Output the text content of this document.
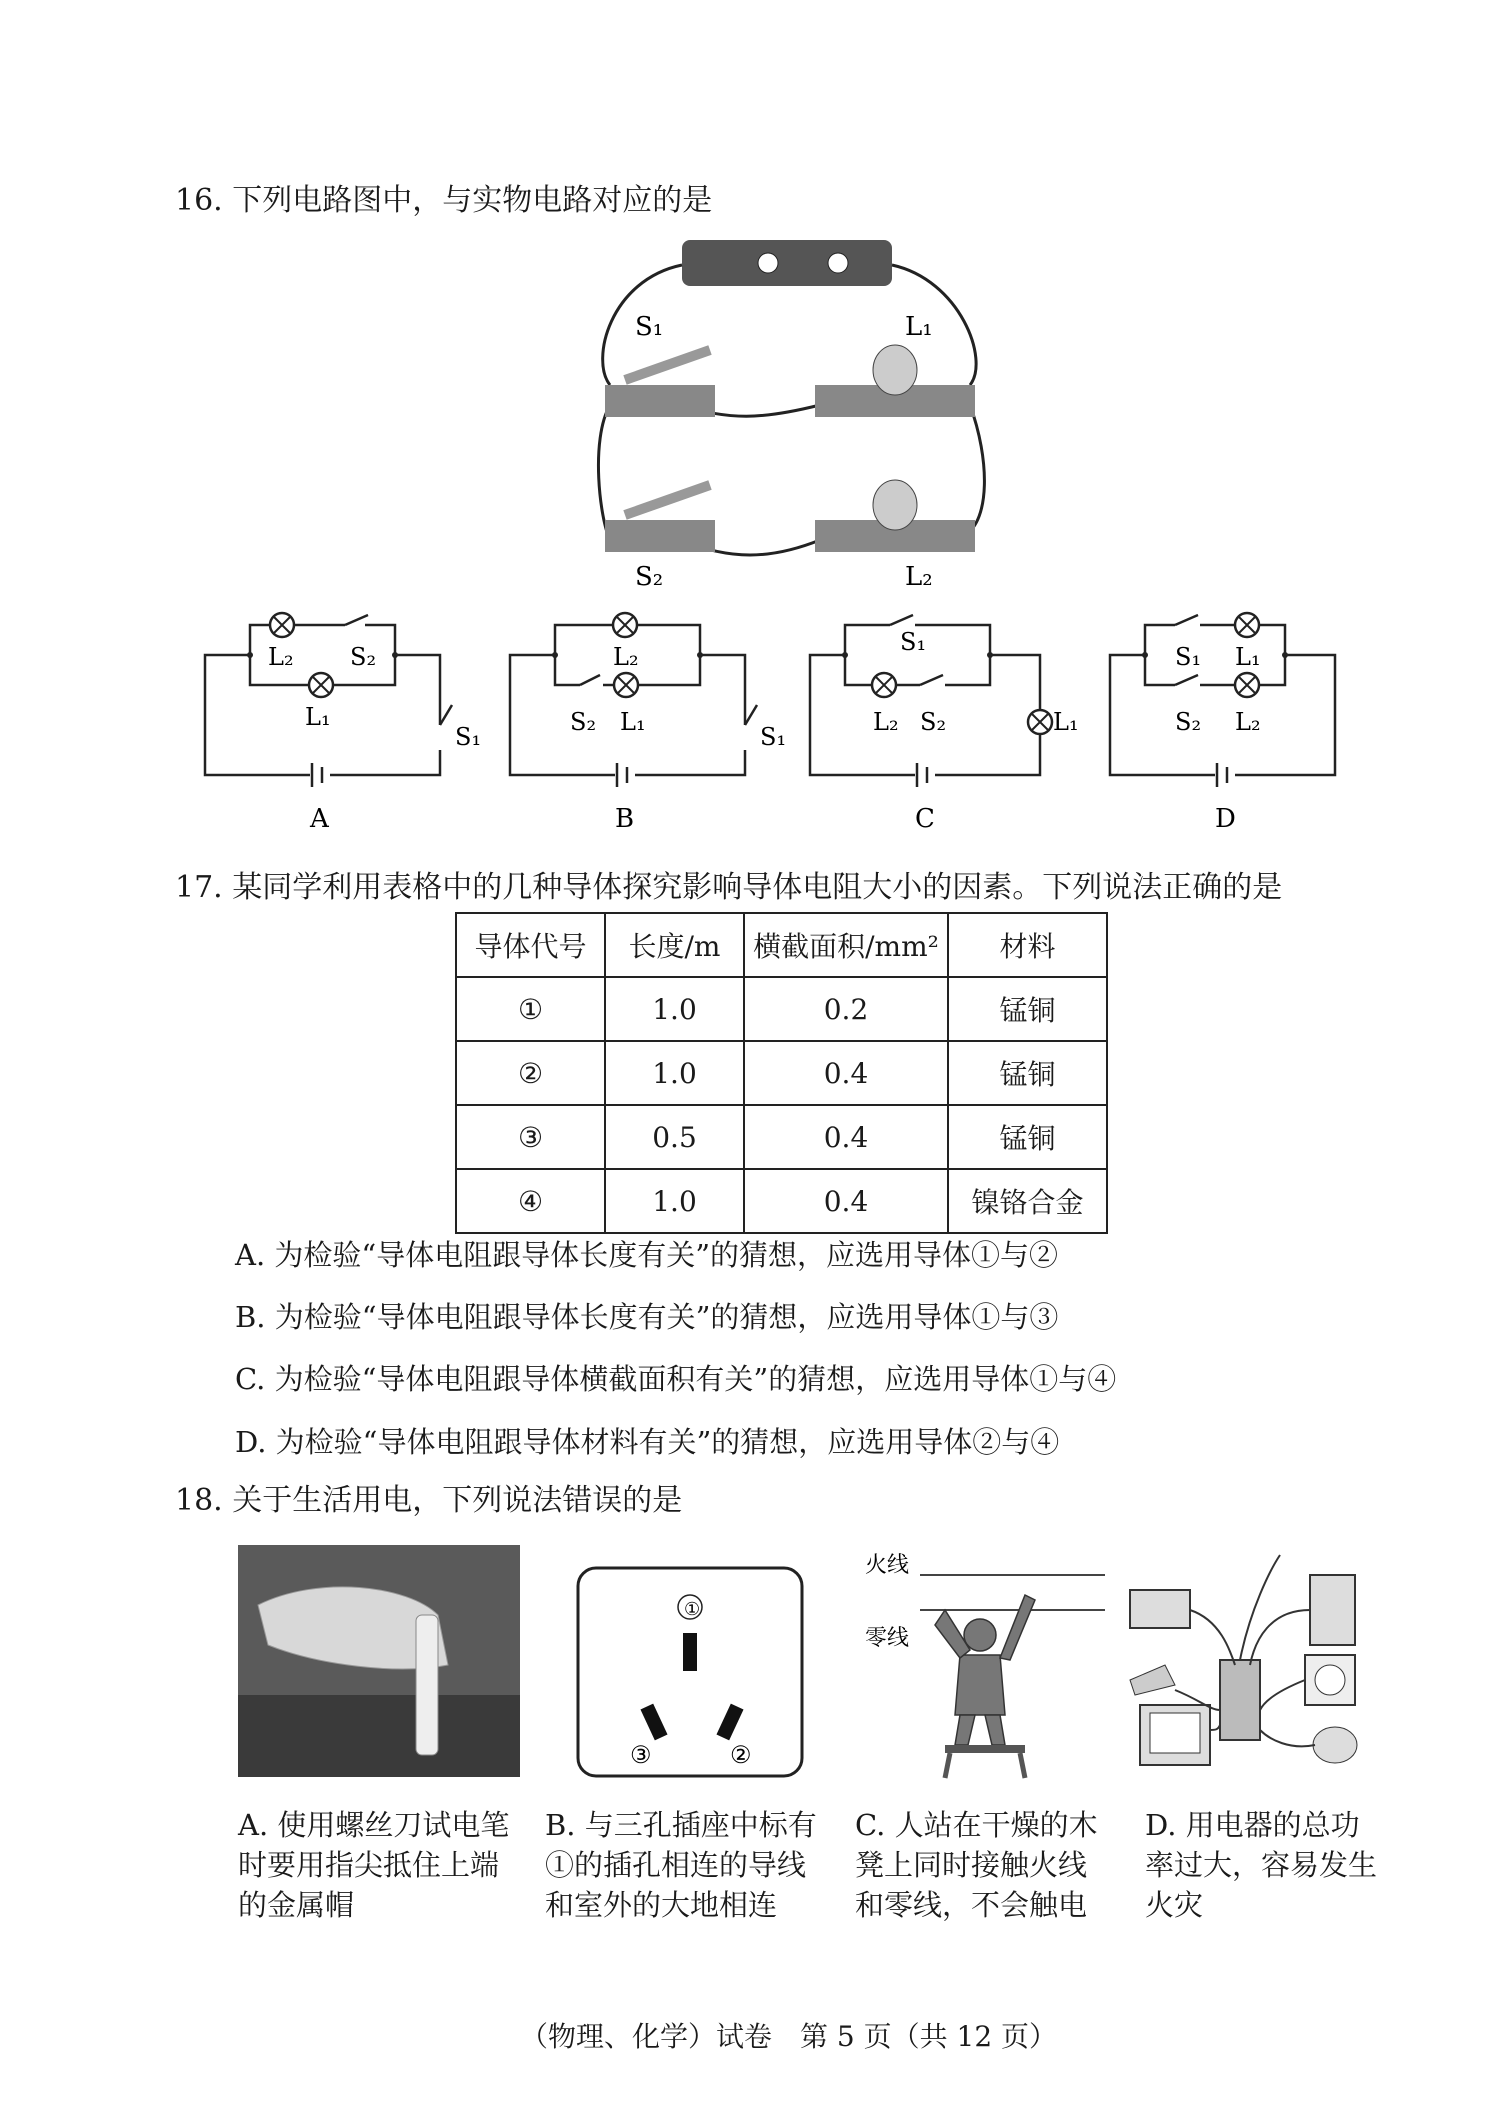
16. 下列电路图中，与实物电路对应的是
S₁	L₁
S₂	L₂
L₂ S₂
L₁
S₁
A
L₂
S₂ L₁
S₁
B
S₁
L₂ S₂	L₁
C
S₁ L₁
S₂ L₂
D
17. 某同学利用表格中的几种导体探究影响导体电阻大小的因素。下列说法正确的是
导体代号	长度/m	横截面积/mm²	材料
①	1.0	0.2	锰铜
②	1.0	0.4	锰铜
③	0.5	0.4	锰铜
④	1.0	0.4	镍铬合金
A. 为检验“导体电阻跟导体长度有关”的猜想，应选用导体①与②
B. 为检验“导体电阻跟导体长度有关”的猜想，应选用导体①与③
C. 为检验“导体电阻跟导体横截面积有关”的猜想，应选用导体①与④
D. 为检验“导体电阻跟导体材料有关”的猜想，应选用导体②与④
18. 关于生活用电，下列说法错误的是
①
③	②
火线
零线
A. 使用螺丝刀试电笔时要用指尖抵住上端的金属帽
B. 与三孔插座中标有①的插孔相连的导线和室外的大地相连
C. 人站在干燥的木凳上同时接触火线和零线，不会触电
D. 用电器的总功率过大，容易发生火灾
（物理、化学）试卷　第 5 页（共 12 页）
